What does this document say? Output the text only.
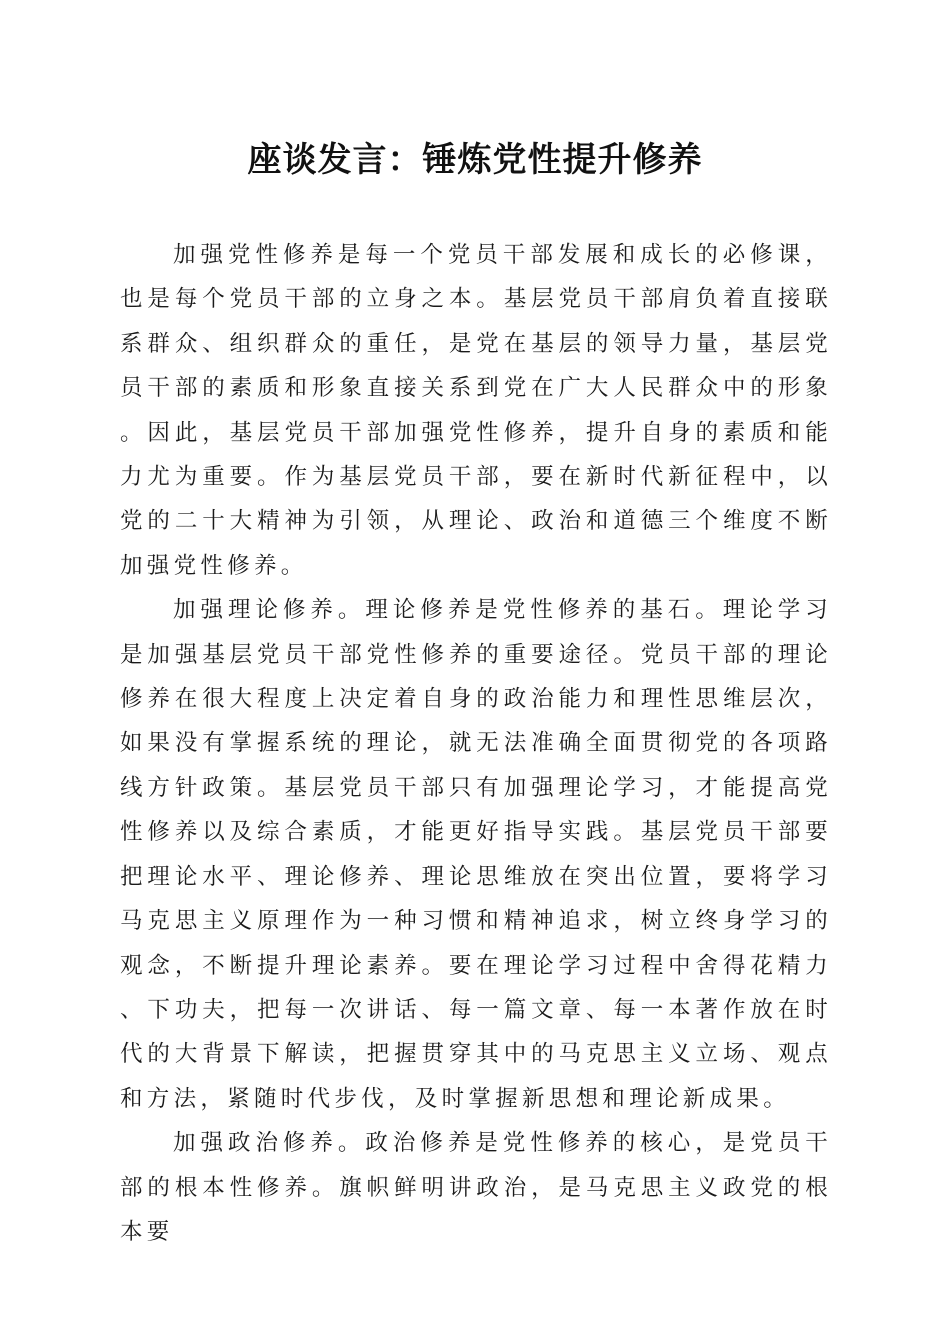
座谈发言：锤炼党性提升修养

加强党性修养是每一个党员干部发展和成长的必修课，也是每个党员干部的立身之本。基层党员干部肩负着直接联系群众、组织群众的重任，是党在基层的领导力量，基层党员干部的素质和形象直接关系到党在广大人民群众中的形象。因此，基层党员干部加强党性修养，提升自身的素质和能力尤为重要。作为基层党员干部，要在新时代新征程中，以党的二十大精神为引领，从理论、政治和道德三个维度不断加强党性修养。

加强理论修养。理论修养是党性修养的基石。理论学习是加强基层党员干部党性修养的重要途径。党员干部的理论修养在很大程度上决定着自身的政治能力和理性思维层次，如果没有掌握系统的理论，就无法准确全面贯彻党的各项路线方针政策。基层党员干部只有加强理论学习，才能提高党性修养以及综合素质，才能更好指导实践。基层党员干部要把理论水平、理论修养、理论思维放在突出位置，要将学习马克思主义原理作为一种习惯和精神追求，树立终身学习的观念，不断提升理论素养。要在理论学习过程中舍得花精力、下功夫，把每一次讲话、每一篇文章、每一本著作放在时代的大背景下解读，把握贯穿其中的马克思主义立场、观点和方法，紧随时代步伐，及时掌握新思想和理论新成果。

加强政治修养。政治修养是党性修养的核心，是党员干部的根本性修养。旗帜鲜明讲政治，是马克思主义政党的根本要
